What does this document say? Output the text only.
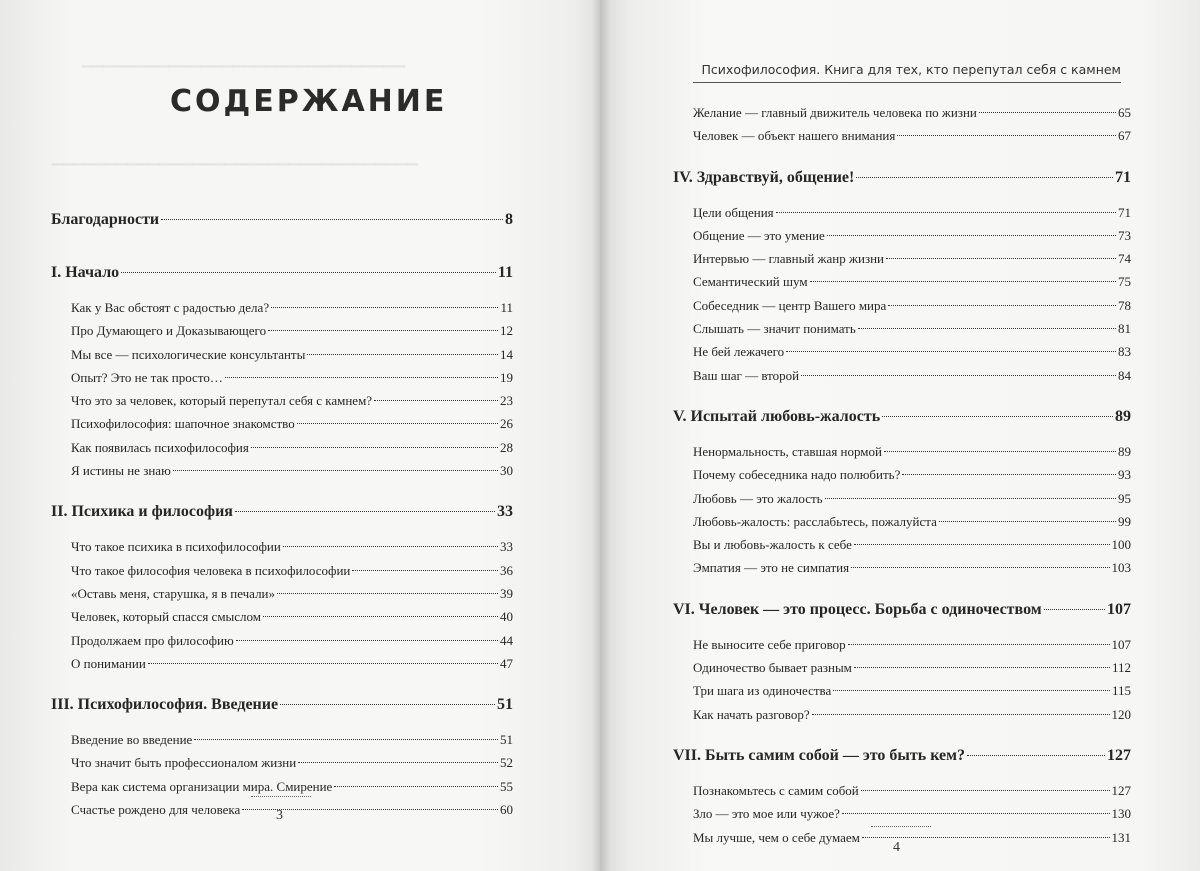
▁▁▁▁▁▁▁▁▁▁▁▁▁▁▁▁▁▁▁▁▁▁▁▁▁▁▁▁▁▁
▁▁▁▁▁▁▁▁▁▁▁▁▁▁▁▁▁▁▁▁▁▁▁▁▁▁▁▁▁▁▁▁▁▁
СОДЕРЖАНИЕ
Благодарности	8
I. Начало	11
Как у Вас обстоят с радостью дела?	11
Про Думающего и Доказывающего	12
Мы все — психологические консультанты	14
Опыт? Это не так просто…	19
Что это за человек, который перепутал себя с камнем?	23
Психофилософия: шапочное знакомство	26
Как появилась психофилософия	28
Я истины не знаю	30
II. Психика и философия	33
Что такое психика в психофилософии	33
Что такое философия человека в психофилософии	36
«Оставь меня, старушка, я в печали»	39
Человек, который спасся смыслом	40
Продолжаем про философию	44
О понимании	47
III. Психофилософия. Введение	51
Введение во введение	51
Что значит быть профессионалом жизни	52
Вера как система организации мира. Смирение	55
Счастье рождено для человека	60
3
Психофилософия. Книга для тех, кто перепутал себя с камнем
Желание — главный движитель человека по жизни	65
Человек — объект нашего внимания	67
IV. Здравствуй, общение!	71
Цели общения	71
Общение — это умение	73
Интервью — главный жанр жизни	74
Семантический шум	75
Собеседник — центр Вашего мира	78
Слышать — значит понимать	81
Не бей лежачего	83
Ваш шаг — второй	84
V. Испытай любовь-жалость	89
Ненормальность, ставшая нормой	89
Почему собеседника надо полюбить?	93
Любовь — это жалость	95
Любовь-жалость: расслабьтесь, пожалуйста	99
Вы и любовь-жалость к себе	100
Эмпатия — это не симпатия	103
VI. Человек — это процесс. Борьба с одиночеством	107
Не выносите себе приговор	107
Одиночество бывает разным	112
Три шага из одиночества	115
Как начать разговор?	120
VII. Быть самим собой — это быть кем?	127
Познакомьтесь с самим собой	127
Зло — это мое или чужое?	130
Мы лучше, чем о себе думаем	131
4
